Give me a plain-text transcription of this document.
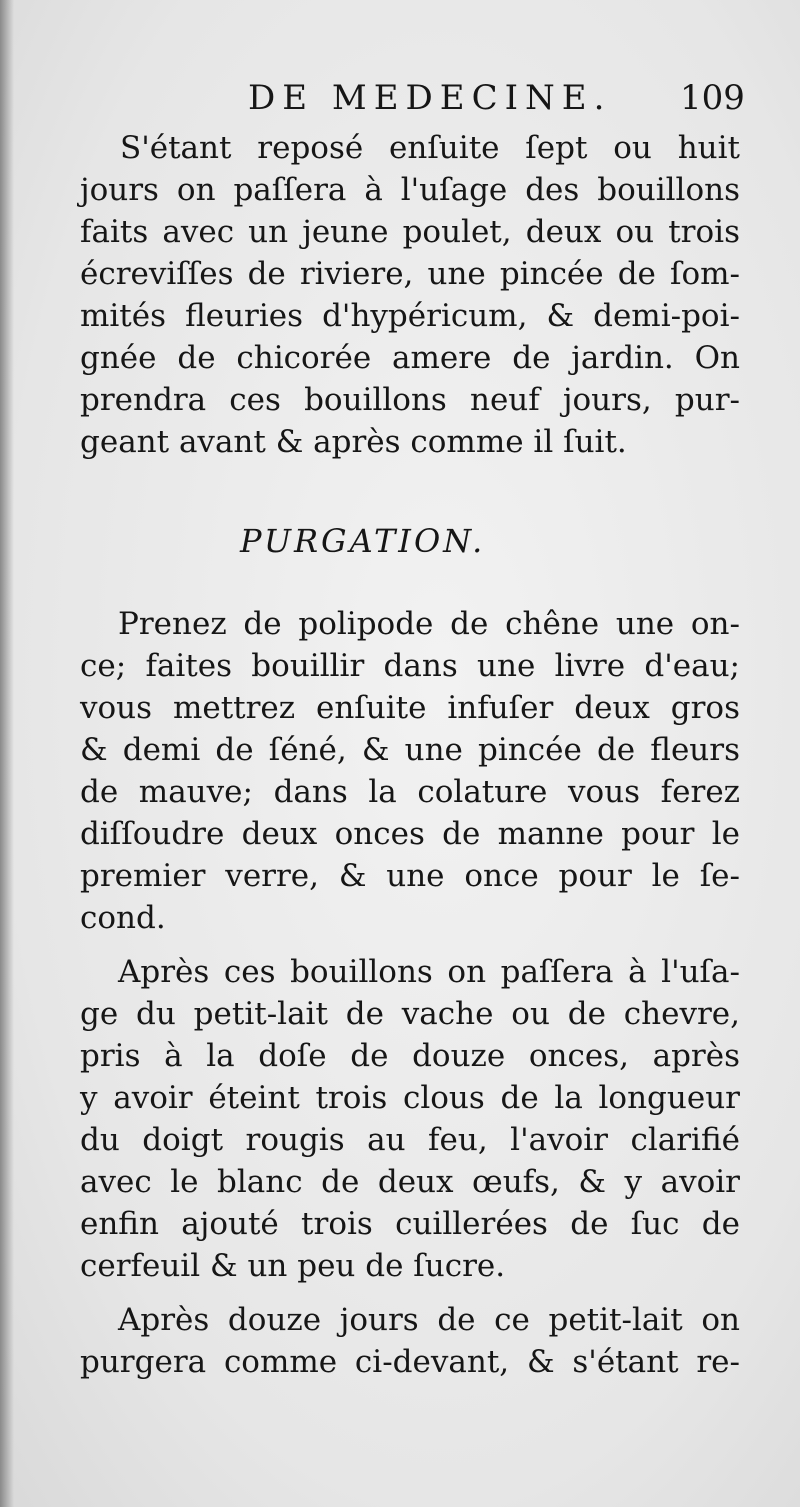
DE MEDECINE. 109
S'étant reposé enſuite ſept ou huit
jours on paſſera à l'uſage des bouillons
faits avec un jeune poulet, deux ou trois
écreviſſes de riviere, une pincée de ſom-
mités fleuries d'hypéricum, & demi-poi-
gnée de chicorée amere de jardin. On
prendra ces bouillons neuf jours, pur-
geant avant & après comme il ſuit.
PURGATION.
Prenez de polipode de chêne une on-
ce; faites bouillir dans une livre d'eau;
vous mettrez enſuite infuſer deux gros
& demi de ſéné, & une pincée de fleurs
de mauve; dans la colature vous ferez
diſſoudre deux onces de manne pour le
premier verre, & une once pour le ſe-
cond.
Après ces bouillons on paſſera à l'uſa-
ge du petit-lait de vache ou de chevre,
pris à la doſe de douze onces, après
y avoir éteint trois clous de la longueur
du doigt rougis au feu, l'avoir clarifié
avec le blanc de deux œufs, & y avoir
enfin ajouté trois cuillerées de ſuc de
cerfeuil & un peu de ſucre.
Après douze jours de ce petit-lait on
purgera comme ci-devant, & s'étant re-
